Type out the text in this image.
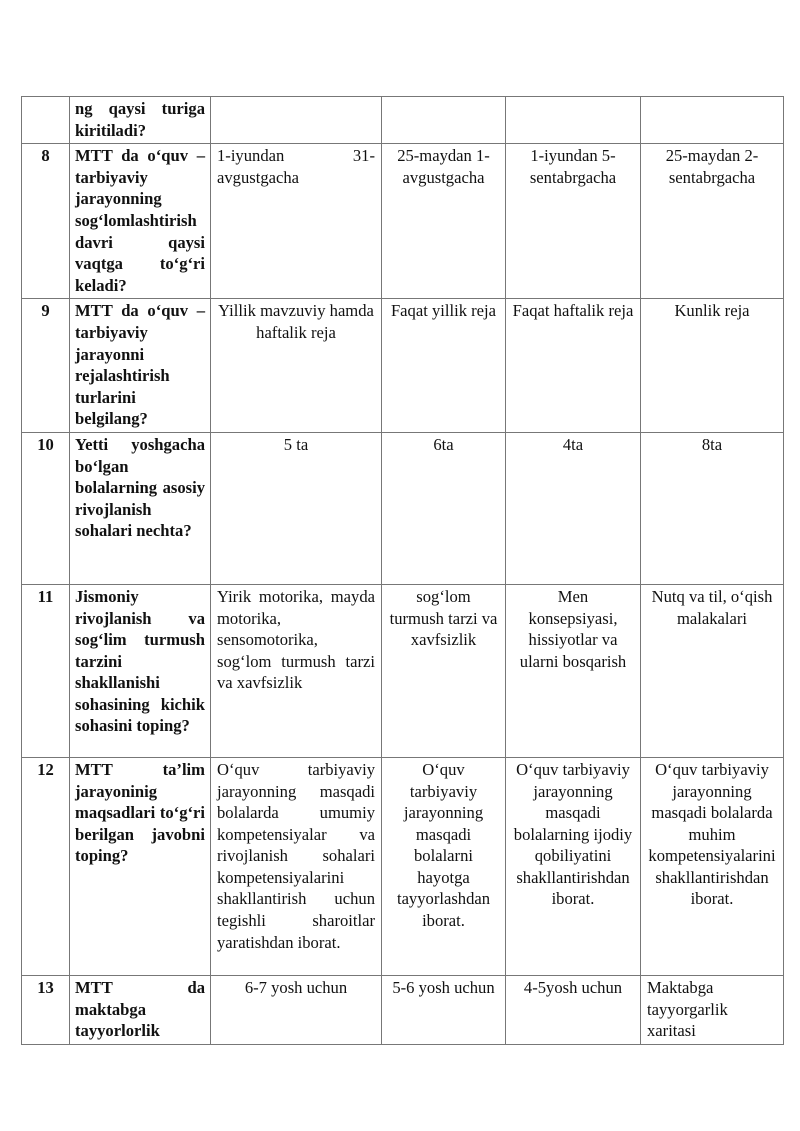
	ng qaysi turiga kiritiladi?				
8	MTT da o‘quv –tarbiyaviy jarayonning sog‘lomlashtirish davri qaysi vaqtga to‘g‘ri keladi?	1-iyundan 31-avgustgacha	25-maydan 1-avgustgacha	1-iyundan 5-sentabrgacha	25-maydan 2-sentabrgacha
9	MTT da o‘quv –tarbiyaviy jarayonni rejalashtirish turlarini belgilang?	Yillik mavzuviy hamda haftalik reja	Faqat yillik reja	Faqat haftalik reja	Kunlik reja
10	Yetti yoshgacha bo‘lgan bolalarning asosiy rivojlanish sohalari nechta?	5 ta	6ta	4ta	8ta
11	Jismoniy rivojlanish va sog‘lim turmush tarzini shakllanishi sohasining kichik sohasini toping?	Yirik motorika, mayda motorika, sensomotorika, sog‘lom turmush tarzi va xavfsizlik	sog‘lom turmush tarzi va xavfsizlik	Men konsepsiyasi, hissiyotlar va ularni bosqarish	Nutq va til, o‘qish malakalari
12	MTT ta’lim jarayoninig maqsadlari to‘g‘ri berilgan javobni toping?	O‘quv tarbiyaviy jarayonning masqadi bolalarda umumiy kompetensiyalar va rivojlanish sohalari kompetensiyalarini shakllantirish uchun tegishli sharoitlar yaratishdan iborat.	O‘quv tarbiyaviy jarayonning masqadi bolalarni hayotga tayyorlashdan iborat.	O‘quv tarbiyaviy jarayonning masqadi bolalarning ijodiy qobiliyatini shakllantirishdan iborat.	O‘quv tarbiyaviy jarayonning masqadi bolalarda muhim kompetensiyalarini shakllantirishdan iborat.
13	MTT da maktabga tayyorlorlik	6-7 yosh uchun	5-6 yosh uchun	4-5yosh uchun	Maktabga tayyorgarlik xaritasi
